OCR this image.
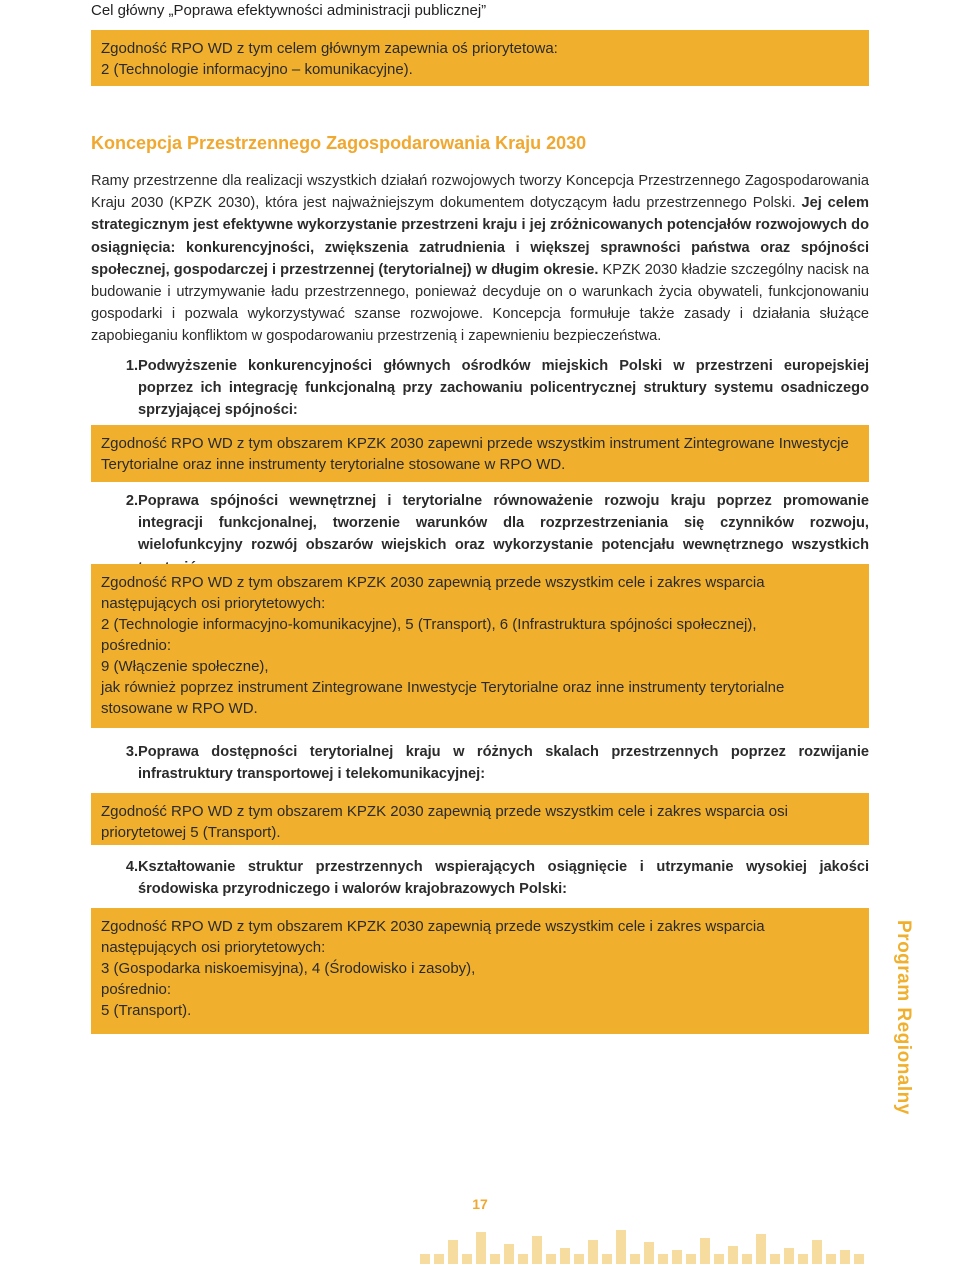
Cel główny „Poprawa efektywności administracji publicznej”

Zgodność RPO WD z tym celem głównym zapewnia oś priorytetowa:

2 (Technologie informacyjno – komunikacyjne).

Koncepcja Przestrzennego Zagospodarowania Kraju 2030
Ramy przestrzenne dla realizacji wszystkich działań rozwojowych tworzy Koncepcja Przestrzennego Zagospodarowania Kraju 2030 (KPZK 2030), która jest najważniejszym dokumentem dotyczącym ładu przestrzennego Polski. Jej celem strategicznym jest efektywne wykorzystanie przestrzeni kraju i jej zróżnicowanych potencjałów rozwojowych do osiągnięcia: konkurencyjności, zwiększenia zatrudnienia i większej sprawności państwa oraz spójności społecznej, gospodarczej i przestrzennej (terytorialnej) w długim okresie. KPZK 2030 kładzie szczególny nacisk na budowanie i utrzymywanie ładu przestrzennego, ponieważ decyduje on o warunkach życia obywateli, funkcjonowaniu gospodarki i pozwala wykorzystywać szanse rozwojowe. Koncepcja formułuje także zasady i działania służące zapobieganiu konfliktom w gospodarowaniu przestrzenią i zapewnieniu bezpieczeństwa.
1. Podwyższenie konkurencyjności głównych ośrodków miejskich Polski w przestrzeni europejskiej poprzez ich integrację funkcjonalną przy zachowaniu policentrycznej struktury systemu osadniczego sprzyjającej spójności:

Zgodność RPO WD z tym obszarem KPZK 2030 zapewni przede wszystkim instrument Zintegrowane Inwestycje Terytorialne oraz inne instrumenty terytorialne stosowane w RPO WD.

2. Poprawa spójności wewnętrznej i terytorialne równoważenie rozwoju kraju poprzez promowanie integracji funkcjonalnej, tworzenie warunków dla rozprzestrzeniania się czynników rozwoju, wielofunkcyjny rozwój obszarów wiejskich oraz wykorzystanie potencjału wewnętrznego wszystkich

Zgodność RPO WD z tym obszarem KPZK 2030 zapewnią przede wszystkim cele i zakres wsparcia następujących osi priorytetowych:

2 (Technologie informacyjno-komunikacyjne), 5 (Transport), 6 (Infrastruktura spójności społecznej),

pośrednio:

9 (Włączenie społeczne),

jak również poprzez instrument Zintegrowane Inwestycje Terytorialne oraz inne instrumenty terytorialne stosowane w RPO WD.

3. Poprawa dostępności terytorialnej kraju w różnych skalach przestrzennych poprzez rozwijanie infrastruktury transportowej i telekomunikacyjnej:

Zgodność RPO WD z tym obszarem KPZK 2030 zapewnią przede wszystkim cele i zakres wsparcia osi priorytetowej 5 (Transport).

4. Kształtowanie struktur przestrzennych wspierających osiągnięcie i utrzymanie wysokiej jakości środowiska przyrodniczego i walorów krajobrazowych Polski:

Zgodność RPO WD z tym obszarem KPZK 2030 zapewnią przede wszystkim cele i zakres wsparcia następujących osi priorytetowych:

3 (Gospodarka niskoemisyjna), 4 (Środowisko i zasoby),

pośrednio:

5 (Transport).	Program Regionalny
17
